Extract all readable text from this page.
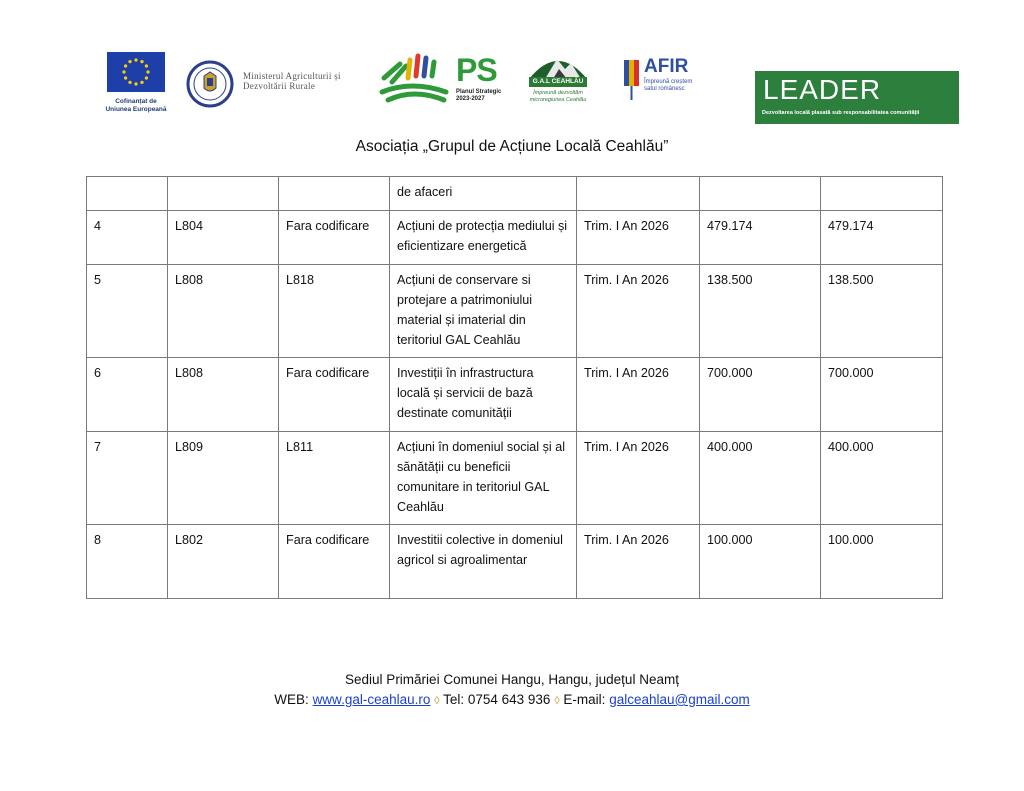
Cofinanțat de Uniunea Europeană
Ministerul Agriculturii și Dezvoltării Rurale	PS
Planul Strategic
2023-2027
G.A.L CEAHLĂU
Împreună dezvoltăm microregiunea Ceahlău
AFIR
Împreună creștem satul românesc	LEADER
Dezvoltarea locală plasată sub responsabilitatea comunității
Asociația „Grupul de Acțiune Locală Ceahlău”
			de afaceri			
4	L804	Fara codificare	Acțiuni de protecția mediului și eficientizare energetică	Trim. I An 2026	479.174	479.174
5	L808	L818	Acțiuni de conservare si protejare a patrimoniului material și imaterial din teritoriul GAL Ceahlău	Trim. I An 2026	138.500	138.500
6	L808	Fara codificare	Investiții în infrastructura locală și servicii de bază destinate comunității	Trim. I An 2026	700.000	700.000
7	L809	L811	Acțiuni în domeniul social și al sănătății cu beneficii comunitare in teritoriul GAL Ceahlău	Trim. I An 2026	400.000	400.000
8	L802	Fara codificare	Investitii colective in domeniul agricol si agroalimentar	Trim. I An 2026	100.000	100.000
Sediul Primăriei Comunei Hangu, Hangu, județul Neamț
WEB: www.gal-ceahlau.ro ◊ Tel: 0754 643 936 ◊ E-mail: galceahlau@gmail.com
